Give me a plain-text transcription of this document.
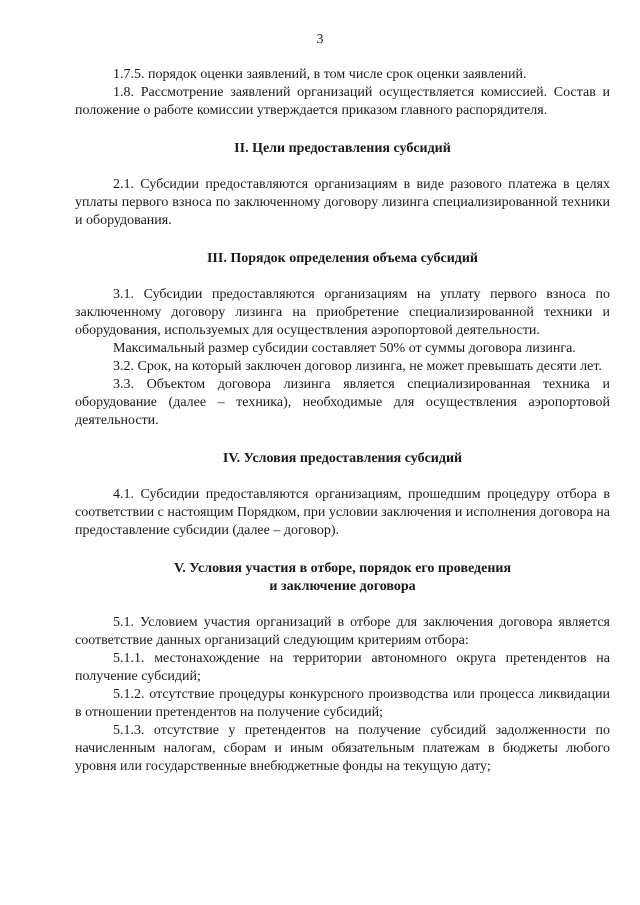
3

1.7.5. порядок оценки заявлений, в том числе срок оценки заявлений.

1.8. Рассмотрение заявлений организаций осуществляется комиссией. Состав и положение о работе комиссии утверждается приказом главного распорядителя.

II. Цели предоставления субсидий

2.1. Субсидии предоставляются организациям в виде разового платежа в целях уплаты первого взноса по заключенному договору лизинга специализированной техники и оборудования.

III. Порядок определения объема субсидий

3.1. Субсидии предоставляются организациям на уплату первого взноса по заключенному договору лизинга на приобретение специализированной техники и оборудования, используемых для осуществления аэропортовой деятельности.

Максимальный размер субсидии составляет 50% от суммы договора лизинга.

3.2. Срок, на который заключен договор лизинга, не может превышать десяти лет.

3.3. Объектом договора лизинга является специализированная техника и оборудование (далее – техника), необходимые для осуществления аэропортовой деятельности.

IV. Условия предоставления субсидий

4.1. Субсидии предоставляются организациям, прошедшим процедуру отбора в соответствии с настоящим Порядком, при условии заключения и исполнения договора на предоставление субсидии (далее – договор).

V. Условия участия в отборе, порядок его проведения

и заключение договора

5.1. Условием участия организаций в отборе для заключения договора является соответствие данных организаций следующим критериям отбора:

5.1.1. местонахождение на территории автономного округа претендентов на получение субсидий;

5.1.2. отсутствие процедуры конкурсного производства или процесса ликвидации в отношении претендентов на получение субсидий;

5.1.3. отсутствие у претендентов на получение субсидий задолженности по начисленным налогам, сборам и иным обязательным платежам в бюджеты любого уровня или государственные внебюджетные фонды на текущую дату;
